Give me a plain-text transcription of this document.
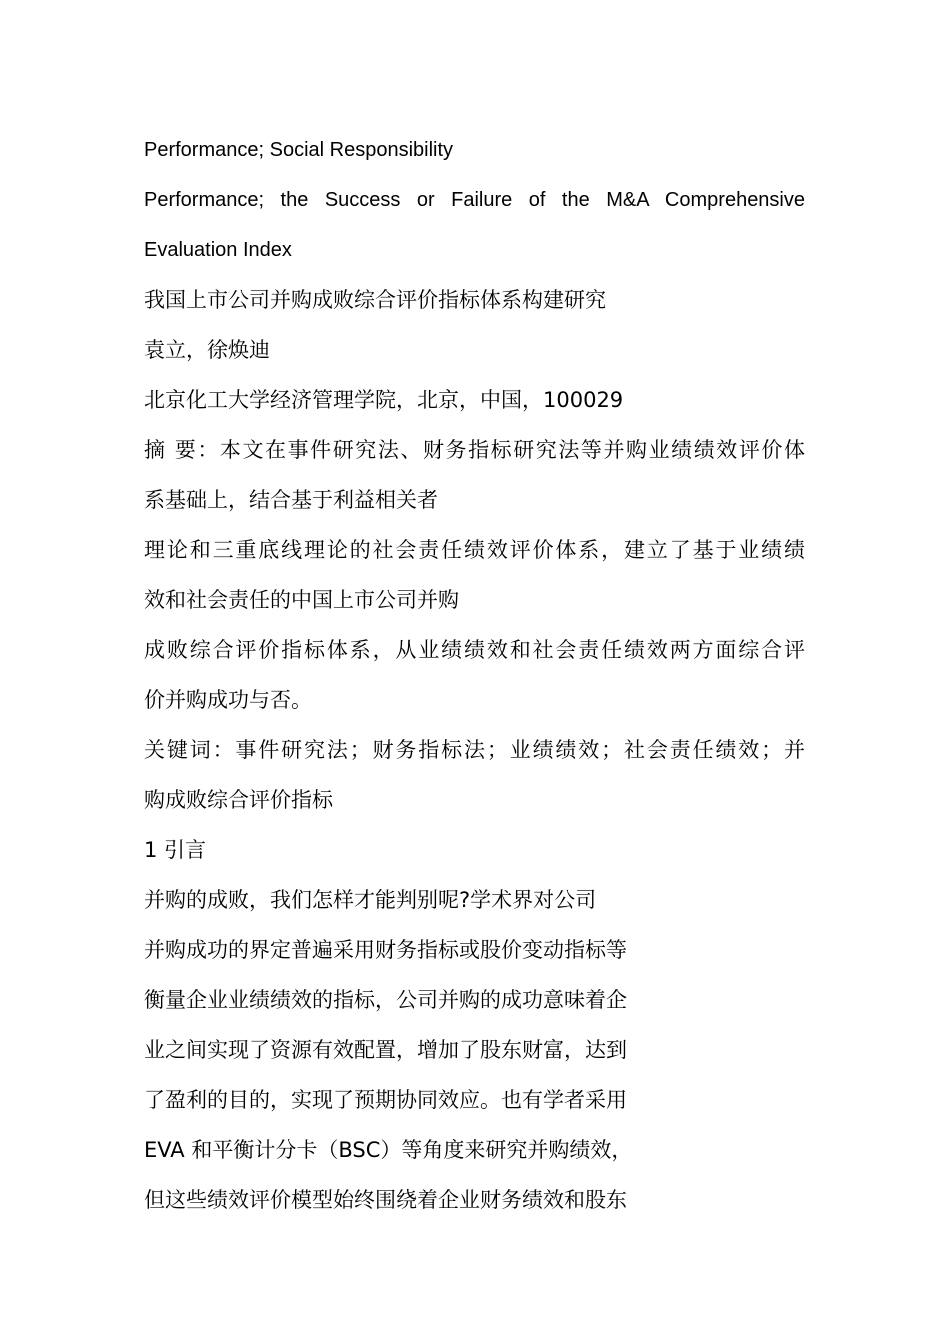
Performance; Social Responsibility
Performance; the Success or Failure of the M&A Comprehensive
Evaluation Index
我国上市公司并购成败综合评价指标体系构建研究
袁立，徐焕迪
北京化工大学经济管理学院，北京，中国，100029
摘 要：本文在事件研究法、财务指标研究法等并购业绩绩效评价体
系基础上，结合基于利益相关者
理论和三重底线理论的社会责任绩效评价体系，建立了基于业绩绩
效和社会责任的中国上市公司并购
成败综合评价指标体系，从业绩绩效和社会责任绩效两方面综合评
价并购成功与否。
关键词：事件研究法；财务指标法；业绩绩效；社会责任绩效；并
购成败综合评价指标
1 引言
并购的成败，我们怎样才能判别呢?学术界对公司
并购成功的界定普遍采用财务指标或股价变动指标等
衡量企业业绩绩效的指标，公司并购的成功意味着企
业之间实现了资源有效配置，增加了股东财富，达到
了盈利的目的，实现了预期协同效应。也有学者采用
EVA 和平衡计分卡（BSC）等角度来研究并购绩效，
但这些绩效评价模型始终围绕着企业财务绩效和股东
